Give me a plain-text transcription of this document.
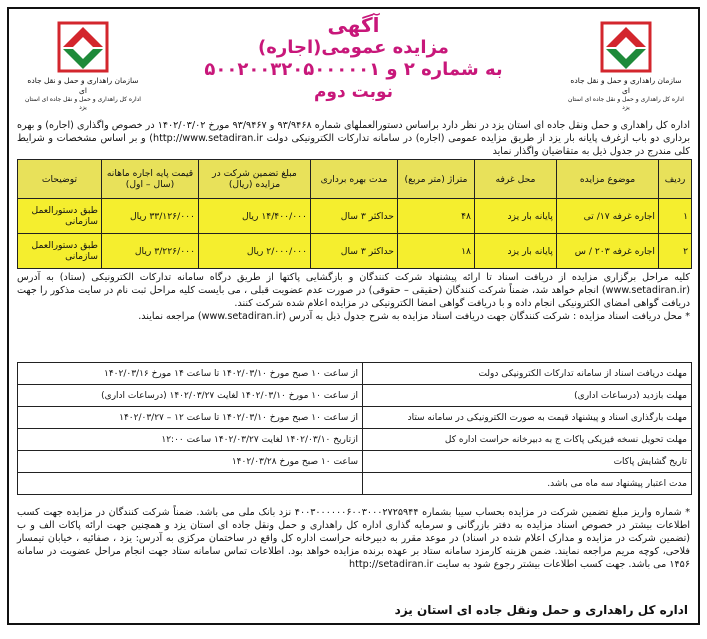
سازمان راهداری و حمل و نقل جاده ای
اداره کل راهداری و حمل و نقل جاده ای استان یزد
آگهی
مزایده عمومی(اجاره)
به شماره ۲ و ۵۰۰۲۰۰۳۲۰۵۰۰۰۰۰۱
نوبت دوم
سازمان راهداری و حمل و نقل جاده ای
اداره کل راهداری و حمل و نقل جاده ای استان یزد
اداره کل راهداری و حمل ونقل جاده ای استان یزد در نظر دارد براساس دستورالعملهای شماره ۹۳/۹۴۶۸ و ۹۳/۹۴۶۷ مورخ ۱۴۰۲/۰۳/۰۲ در خصوص واگذاری (اجاره) و بهره برداری دو باب ازغرف پایانه بار یزد از طریق مزایده عمومی (اجاره) در سامانه تدارکات الکترونیکی دولت http://www.setadiran.ir) و بر اساس مشخصات و شرایط کلی مندرج در جدول ذیل به متقاضیان واگذار نماید
ردیف	موضوع مزایده	محل غرفه	متراژ (متر مربع)	مدت بهره برداری	مبلغ تضمین شرکت در مزایده (ریال)	قیمت پایه اجاره ماهانه (سال – اول)	توضیحات
۱	اجاره غرفه ۱۷/ تی	پایانه بار یزد	۴۸	حداکثر ۳ سال	۱۴/۴۰۰/۰۰۰ ریال	۳۳/۱۲۶/۰۰۰ ریال	طبق دستورالعمل سازمانی
۲	اجاره غرفه ۲۰۳ / س	پایانه بار یزد	۱۸	حداکثر ۳ سال	۲/۰۰۰/۰۰۰ ریال	۳/۲۲۶/۰۰۰ ریال	طبق دستورالعمل سازمانی
کلیه مراحل برگزاری مزایده از دریافت اسناد تا ارائه پیشنهاد شرکت کنندگان و بازگشایی پاکتها از طریق درگاه سامانه تدارکات الکترونیکی (ستاد) به آدرس (www.setadiran.ir) انجام خواهد شد، ضمناً شرکت کنندگان (حقیقی – حقوقی) در صورت عدم عضویت قبلی ، می بایست کلیه مراحل ثبت نام در سایت مذکور را جهت دریافت گواهی امضای الکترونیکی انجام داده و با دریافت گواهی امضا الکترونیکی در مزایده اعلام شده شرکت کنند.
* محل دریافت اسناد مزایده : شرکت کنندگان جهت دریافت اسناد مزایده به شرح جدول ذیل به آدرس (www.setadiran.ir) مراجعه نمایند.
مهلت دریافت اسناد از سامانه تدارکات الکترونیکی دولت	از ساعت ۱۰ صبح مورخ ۱۴۰۲/۰۳/۱۰ تا ساعت ۱۴ مورخ ۱۴۰۲/۰۳/۱۶
مهلت بازدید (درساعات اداری)	از ساعت ۱۰ مورخ ۱۴۰۲/۰۳/۱۰ لغایت ۱۴۰۲/۰۳/۲۷ (درساعات اداری)
مهلت بارگذاری اسناد و پیشنهاد قیمت به صورت الکترونیکی در سامانه ستاد	از ساعت ۱۰ صبح مورخ ۱۴۰۲/۰۳/۱۰ تا ساعت ۱۲ – ۱۴۰۲/۰۳/۲۷
مهلت تحویل نسخه فیزیکی پاکات ج به دبیرخانه حراست اداره کل	ازتاریخ ۱۴۰۲/۰۳/۱۰ لغایت ۱۴۰۲/۰۳/۲۷ ساعت ۱۲:۰۰
تاریخ گشایش پاکات	ساعت ۱۰ صبح مورخ ۱۴۰۲/۰۳/۲۸
مدت اعتبار پیشنهاد سه ماه می باشد.	
* شماره واریز مبلغ تضمین شرکت در مزایده بحساب سیبا بشماره ۴۰۰۳۰۰۰۰۰۰۶۰۰۳۰۰۰۲۷۲۵۹۴۴ نزد بانک ملی می باشد. ضمناً شرکت کنندگان در مزایده جهت کسب اطلاعات بیشتر در خصوص اسناد مزایده به دفتر بازرگانی و سرمایه گذاری اداره کل راهداری و حمل ونقل جاده ای استان یزد و همچنین جهت ارائه پاکات الف و ب (تضمین شرکت در مزایده و مدارک اعلام شده در اسناد) در موعد مقرر به دبیرخانه حراست اداره کل واقع در ساختمان مرکزی به آدرس: یزد ، صفائیه ، خیابان تیمسار فلاحی، کوچه مریم مراجعه نمایند. ضمن هزینه کارمزد سامانه ستاد بر عهده برنده مزایده خواهد بود. اطلاعات تماس سامانه ستاد جهت انجام مراحل عضویت در سامانه ۱۴۵۶ می باشد. جهت کسب اطلاعات بیشتر رجوع شود به سایت http://setadiran.ir
اداره کل راهداری و حمل ونقل جاده ای استان یزد
